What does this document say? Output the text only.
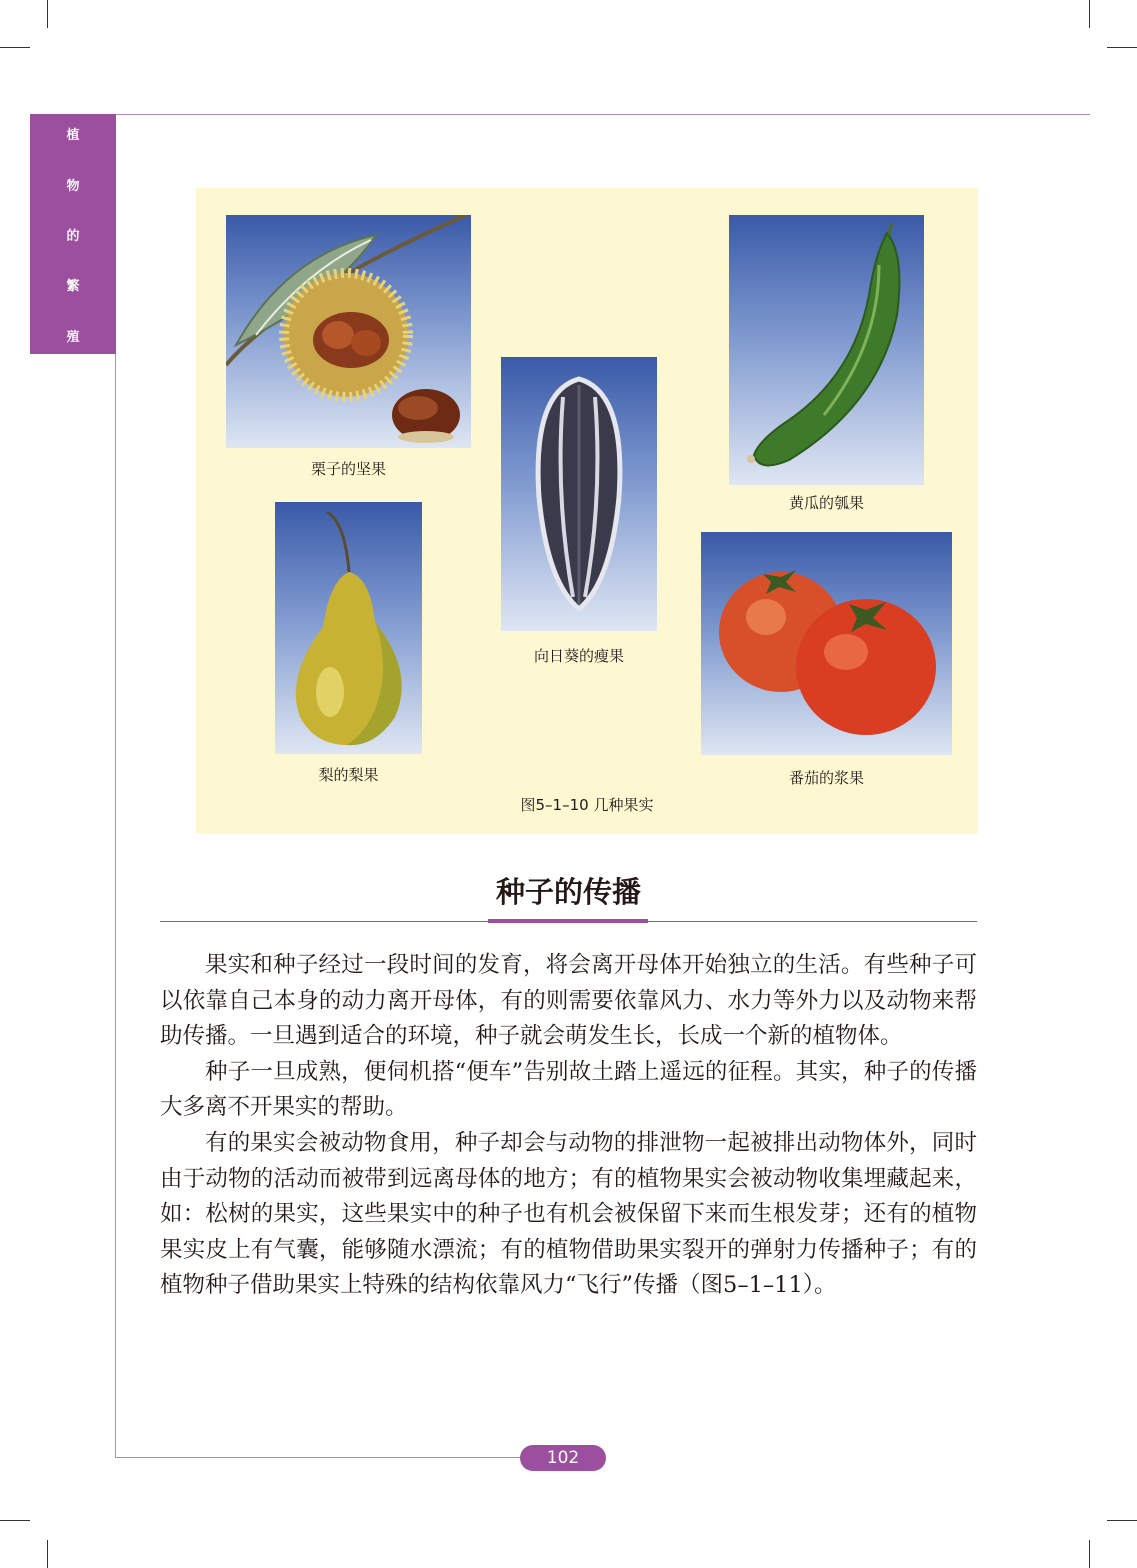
植
物
的
繁
殖
栗子的坚果
向日葵的瘦果
黄瓜的瓠果
梨的梨果	番茄的浆果
图5–1–10 几种果实
种子的传播

果实和种子经过一段时间的发育，将会离开母体开始独立的生活。有些种子可以依靠自己本身的动力离开母体，有的则需要依靠风力、水力等外力以及动物来帮助传播。一旦遇到适合的环境，种子就会萌发生长，长成一个新的植物体。

种子一旦成熟，便伺机搭“便车”告别故土踏上遥远的征程。其实，种子的传播大多离不开果实的帮助。

有的果实会被动物食用，种子却会与动物的排泄物一起被排出动物体外，同时由于动物的活动而被带到远离母体的地方；有的植物果实会被动物收集埋藏起来，如：松树的果实，这些果实中的种子也有机会被保留下来而生根发芽；还有的植物果实皮上有气囊，能够随水漂流；有的植物借助果实裂开的弹射力传播种子；有的植物种子借助果实上特殊的结构依靠风力“飞行”传播（图5–1–11）。

102
